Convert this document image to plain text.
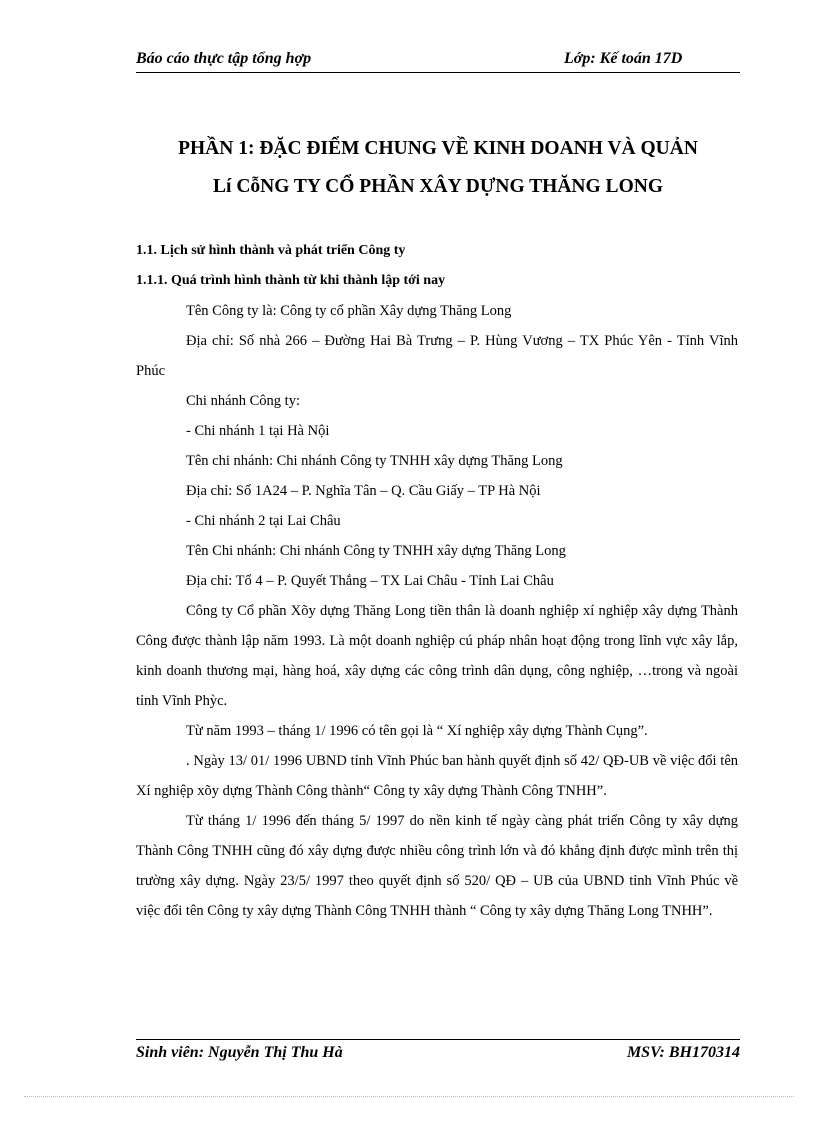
Báo cáo thực tập tổng hợp	Lớp: Kế toán 17D
PHẦN 1: ĐẶC ĐIỂM CHUNG VỀ KINH DOANH VÀ QUẢN
Lí CỗNG TY CỔ PHẦN XÂY DỰNG THĂNG LONG

1.1. Lịch sử hình thành và phát triển Công ty

1.1.1. Quá trình hình thành từ khi thành lập tới nay

Tên Công ty là: Công ty cổ phần Xây dựng Thăng Long

Địa chỉ: Số nhà 266 – Đường Hai Bà Trưng – P. Hùng Vương – TX Phúc Yên - Tỉnh Vĩnh Phúc

Chi nhánh Công ty:

- Chi nhánh 1 tại Hà Nội

Tên chi nhánh: Chi nhánh Công ty TNHH xây dựng Thăng Long

Địa chỉ: Số 1A24 – P. Nghĩa Tân – Q. Cầu Giấy – TP Hà Nội

- Chi nhánh 2 tại Lai Châu

Tên Chi nhánh: Chi nhánh Công ty TNHH xây dựng Thăng Long

Địa chỉ: Tổ 4 – P. Quyết Thắng – TX Lai Châu - Tỉnh Lai Châu

Công ty Cổ phần Xõy dựng Thăng Long tiền thân là doanh nghiệp xí nghiệp xây dựng Thành Công được thành lập năm 1993. Là một doanh nghiệp cú pháp nhân hoạt động trong lĩnh vực xây lắp, kinh doanh thương mại, hàng hoá, xây dựng các công trình dân dụng, công nghiệp, …trong và ngoài tỉnh Vĩnh Phỳc.

Từ năm 1993 – tháng 1/ 1996 có tên gọi là “ Xí nghiệp xây dựng Thành Cụng”.

. Ngày 13/ 01/ 1996 UBND tỉnh Vĩnh Phúc ban hành quyết định số 42/ QĐ-UB về việc đổi tên Xí nghiệp xõy dựng Thành Công thành“ Công ty xây dựng Thành Công TNHH”.

Từ tháng 1/ 1996 đến tháng 5/ 1997 do nền kinh tế ngày càng phát triển Công ty xây dựng Thành Công TNHH cũng đó xây dựng được nhiều công trình lớn và đó khẳng định được mình trên thị trường xây dựng. Ngày 23/5/ 1997 theo quyết định số 520/ QĐ – UB của UBND tỉnh Vĩnh Phúc về việc đổi tên Công ty xây dựng Thành Công TNHH thành “ Công ty xây dựng Thăng Long TNHH”.

Sinh viên: Nguyễn Thị Thu Hà	MSV: BH170314
